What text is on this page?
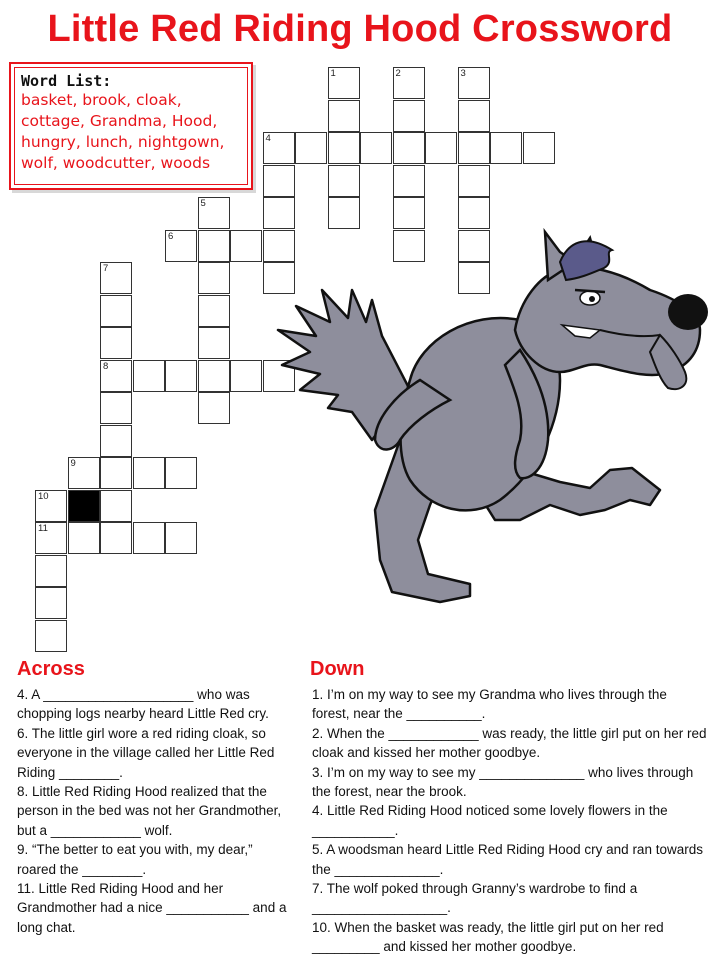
Little Red Riding Hood Crossword
Word List:
basket, brook, cloak,
cottage, Grandma, Hood,
hungry, lunch, nightgown,
wolf, woodcutter, woods
1	2	3
4
5
6
7
8
9
10
11
Across	Down

4. A ____________________ who was chopping logs nearby heard Little Red cry.

6. The little girl wore a red riding cloak, so everyone in the village called her Little Red Riding ________.

8. Little Red Riding Hood realized that the person in the bed was not her Grandmother, but a ____________ wolf.

9. “The better to eat you with, my dear,” roared the ________.

11. Little Red Riding Hood and her Grandmother had a nice ___________ and a long chat.

1. I’m on my way to see my Grandma who lives through the forest, near the __________.

2. When the ____________ was ready, the little girl put on her red cloak and kissed her mother goodbye.

3. I’m on my way to see my ______________ who lives through the forest, near the brook.

4. Little Red Riding Hood noticed some lovely flowers in the ___________.

5. A woodsman heard Little Red Riding Hood cry and ran towards the ______________.

7. The wolf poked through Granny’s wardrobe to find a __________________.

10. When the basket was ready, the little girl put on her red _________ and kissed her mother goodbye.
